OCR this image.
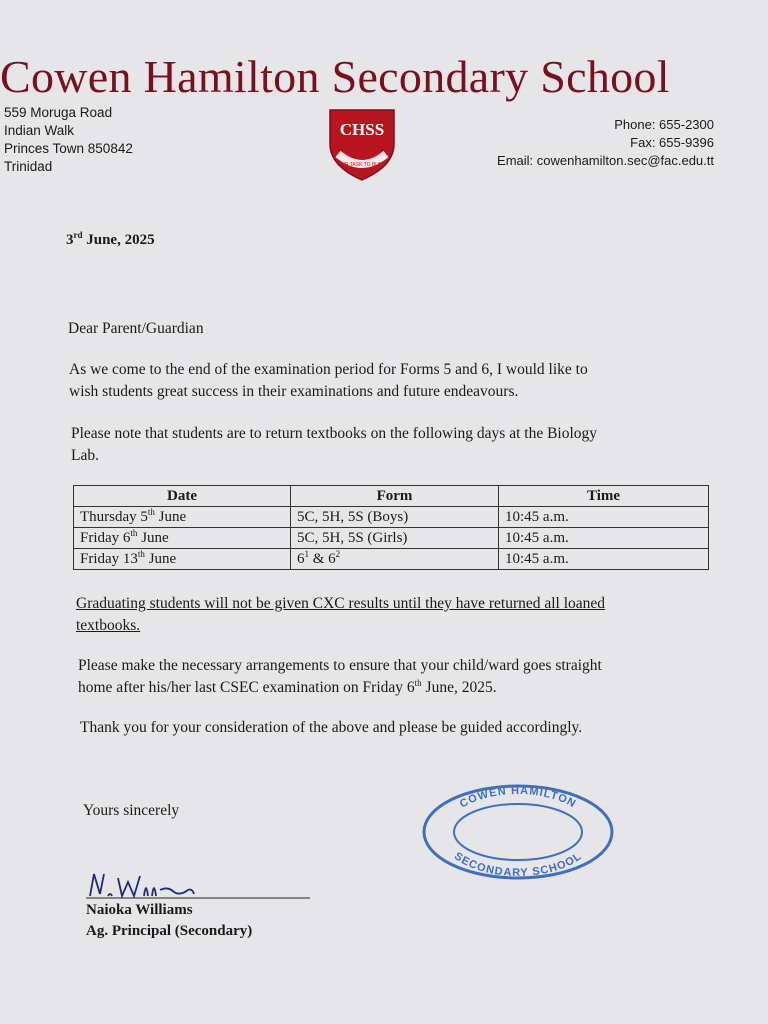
Cowen Hamilton Secondary School
559 Moruga Road
Indian Walk
Princes Town 850842
Trinidad
CHSS
OUR TASK TO BUILD
Phone: 655-2300
Fax: 655-9396
Email: cowenhamilton.sec@fac.edu.tt
3rd June, 2025
Dear Parent/Guardian
As we come to the end of the examination period for Forms 5 and 6, I would like to
wish students great success in their examinations and future endeavours.
Please note that students are to return textbooks on the following days at the Biology
Lab.
Date	Form	Time
Thursday 5th June	5C, 5H, 5S (Boys)	10:45 a.m.
Friday 6th June	5C, 5H, 5S (Girls)	10:45 a.m.
Friday 13th June	$6^1$ & $6^2$	10:45 a.m.
Graduating students will not be given CXC results until they have returned all loaned
textbooks.
Please make the necessary arrangements to ensure that your child/ward goes straight
home after his/her last CSEC examination on Friday 6th June, 2025.
Thank you for your consideration of the above and please be guided accordingly.
Yours sincerely	COWEN HAMILTON
SECONDARY SCHOOL
Naioka Williams
Ag. Principal (Secondary)
